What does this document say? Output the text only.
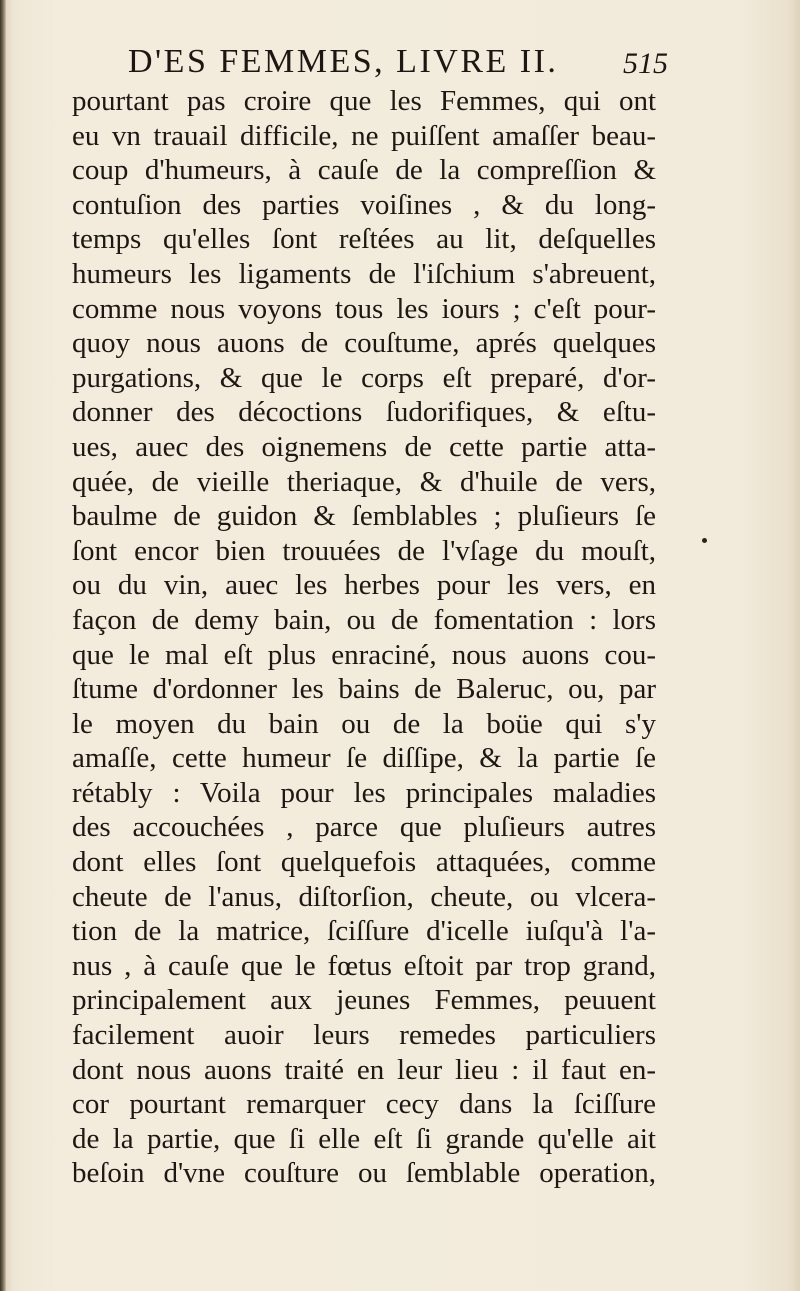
D'ES FEMMES, LIVRE II. 515
pourtant pas croire que les Femmes, qui ont
eu vn trauail difficile, ne puiſſent amaſſer beau-
coup d'humeurs, à cauſe de la compreſſion &
contuſion des parties voiſines , & du long-
temps qu'elles ſont reſtées au lit, deſquelles
humeurs les ligaments de l'iſchium s'abreuent,
comme nous voyons tous les iours ; c'eſt pour-
quoy nous auons de couſtume, aprés quelques
purgations, & que le corps eſt preparé, d'or-
donner des décoctions ſudorifiques, & eſtu-
ues, auec des oignemens de cette partie atta-
quée, de vieille theriaque, & d'huile de vers,
baulme de guidon & ſemblables ; pluſieurs ſe
ſont encor bien trouuées de l'vſage du mouſt,
ou du vin, auec les herbes pour les vers, en
façon de demy bain, ou de fomentation : lors
que le mal eſt plus enraciné, nous auons cou-
ſtume d'ordonner les bains de Baleruc, ou, par
le moyen du bain ou de la boüe qui s'y
amaſſe, cette humeur ſe diſſipe, & la partie ſe
rétably : Voila pour les principales maladies
des accouchées , parce que pluſieurs autres
dont elles ſont quelquefois attaquées, comme
cheute de l'anus, diſtorſion, cheute, ou vlcera-
tion de la matrice, ſciſſure d'icelle iuſqu'à l'a-
nus , à cauſe que le fœtus eſtoit par trop grand,
principalement aux jeunes Femmes, peuuent
facilement auoir leurs remedes particuliers
dont nous auons traité en leur lieu : il faut en-
cor pourtant remarquer cecy dans la ſciſſure
de la partie, que ſi elle eſt ſi grande qu'elle ait
beſoin d'vne couſture ou ſemblable operation,
